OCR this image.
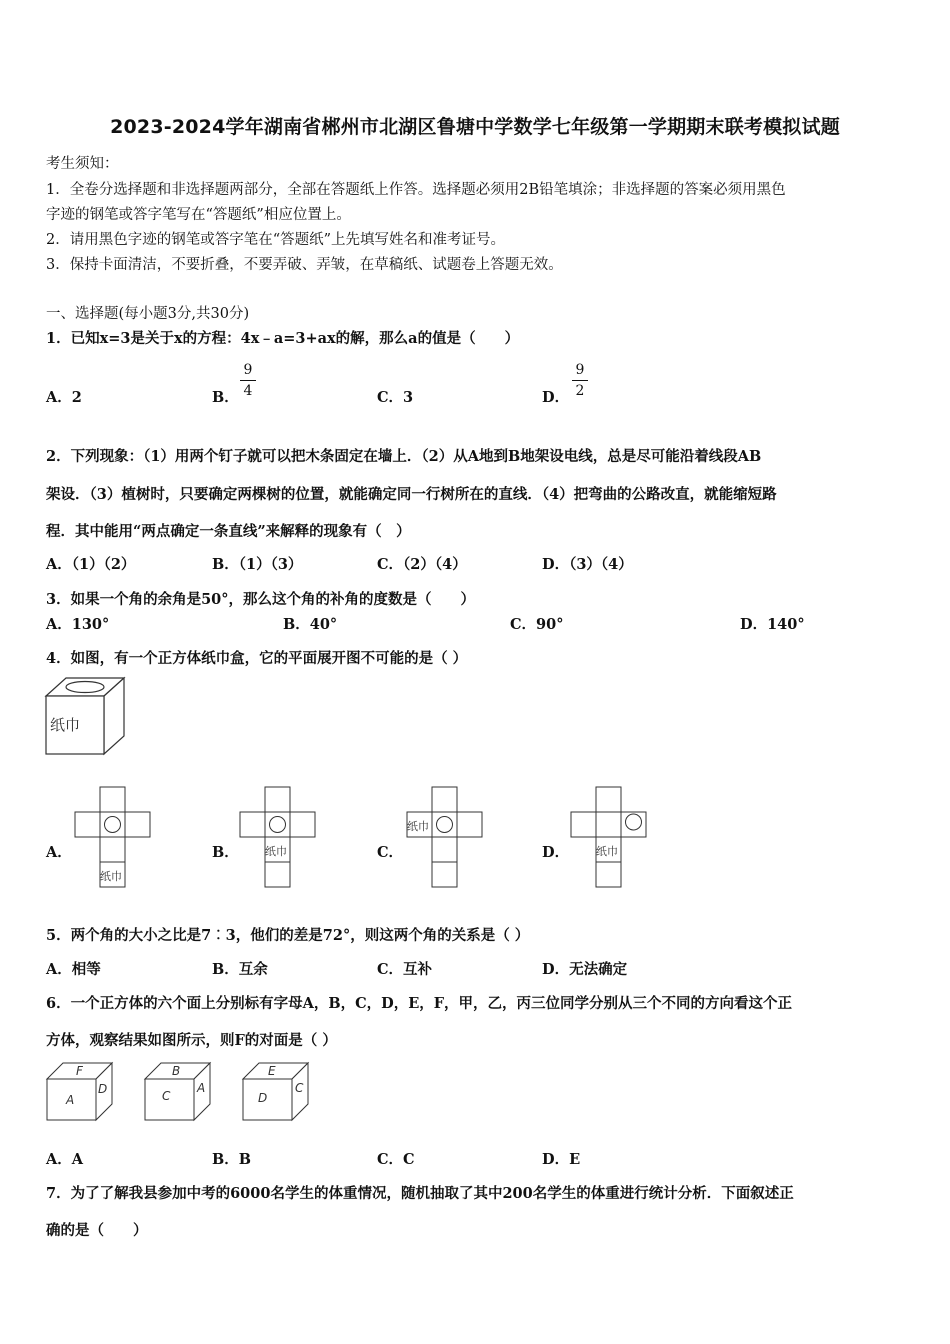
2023-2024学年湖南省郴州市北湖区鲁塘中学数学七年级第一学期期末联考模拟试题
考生须知：
1．全卷分选择题和非选择题两部分，全部在答题纸上作答。选择题必须用2B铅笔填涂；非选择题的答案必须用黑色
字迹的钢笔或答字笔写在“答题纸”相应位置上。
2．请用黑色字迹的钢笔或答字笔在“答题纸”上先填写姓名和准考证号。
3．保持卡面清洁，不要折叠，不要弄破、弄皱，在草稿纸、试题卷上答题无效。
一、选择题(每小题3分,共30分)
1．已知x=3是关于x的方程：4x﹣a=3+ax的解，那么a的值是（　　）
A．2	B．
9
4	C．3	D．
9
2
2．下列现象：（1）用两个钉子就可以把木条固定在墙上．（2）从A地到B地架设电线，总是尽可能沿着线段AB
架设．（3）植树时，只要确定两棵树的位置，就能确定同一行树所在的直线．（4）把弯曲的公路改直，就能缩短路
程．其中能用“两点确定一条直线”来解释的现象有（　）
A．（1）（2）	B．（1）（3）	C．（2）（4）	D．（3）（4）
3．如果一个角的余角是50°，那么这个角的补角的度数是（　　）
A．130°	B．40°	C．90°	D．140°
4．如图，有一个正方体纸巾盒，它的平面展开图不可能的是（ ）
纸巾
A．
纸巾
B． 纸巾	C．
纸巾
D． 纸巾
5．两个角的大小之比是7︰3，他们的差是72°，则这两个角的关系是（ ）
A．相等	B．互余	C．互补	D．无法确定
6．一个正方体的六个面上分别标有字母A，B，C，D，E，F，甲，乙，丙三位同学分别从三个不同的方向看这个正
方体，观察结果如图所示，则F的对面是（ ）
F
A
D
B
C
A
E
D
C
A．A	B．B	C．C	D．E
7．为了了解我县参加中考的6000名学生的体重情况，随机抽取了其中200名学生的体重进行统计分析．下面叙述正
确的是（　　）
